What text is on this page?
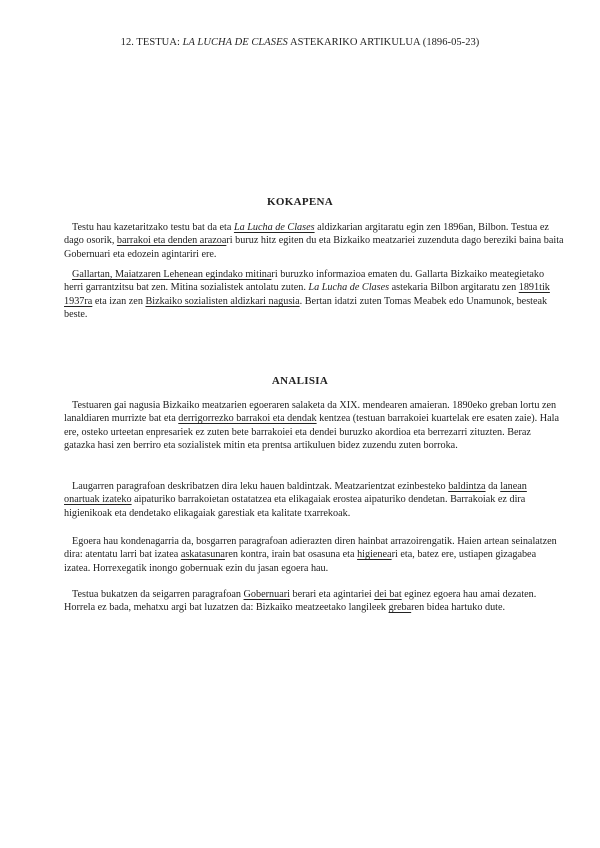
12. TESTUA: LA LUCHA DE CLASES ASTEKARIKO ARTIKULUA (1896-05-23)
KOKAPENA

Testu hau kazetaritzako testu bat da eta La Lucha de Clases aldizkarian argitaratu egin zen 1896an, Bilbon. Testua ez dago osorik, barrakoi eta denden arazoari buruz hitz egiten du eta Bizkaiko meatzariei zuzenduta dago bereziki baina baita Gobernuari eta edozein agintariri ere.

Gallartan, Maiatzaren Lehenean egindako mitinari buruzko informazioa ematen du. Gallarta Bizkaiko meategietako herri garrantzitsu bat zen. Mitina sozialistek antolatu zuten. La Lucha de Clases astekaria Bilbon argitaratu zen 1891tik 1937ra eta izan zen Bizkaiko sozialisten aldizkari nagusia. Bertan idatzi zuten Tomas Meabek edo Unamunok, besteak beste.

ANALISIA

Testuaren gai nagusia Bizkaiko meatzarien egoeraren salaketa da XIX. mendearen amaieran. 1890eko greban lortu zen lanaldiaren murrizte bat eta derrigorrezko barrakoi eta dendak kentzea (testuan barrakoiei kuartelak ere esaten zaie). Hala ere, osteko urteetan enpresariek ez zuten bete barrakoiei eta dendei buruzko akordioa eta berrezarri zituzten. Beraz gatazka hasi zen berriro eta sozialistek mitin eta prentsa artikuluen bidez zuzendu zuten borroka.

Laugarren paragrafoan deskribatzen dira leku hauen baldintzak. Meatzarientzat ezinbesteko baldintza da lanean onartuak izateko aipaturiko barrakoietan ostatatzea eta elikagaiak erostea aipaturiko dendetan. Barrakoiak ez dira higienikoak eta dendetako elikagaiak garestiak eta kalitate txarrekoak.

Egoera hau kondenagarria da, bosgarren paragrafoan adierazten diren hainbat arrazoirengatik. Haien artean seinalatzen dira: atentatu larri bat izatea askatasunaren kontra, irain bat osasuna eta higieneari eta, batez ere, ustiapen gizagabea izatea. Horrexegatik inongo gobernuak ezin du jasan egoera hau.

Testua bukatzen da seigarren paragrafoan Gobernuari berari eta agintariei dei bat eginez egoera hau amai dezaten. Horrela ez bada, mehatxu argi bat luzatzen da: Bizkaiko meatzeetako langileek grebaren bidea hartuko dute.
